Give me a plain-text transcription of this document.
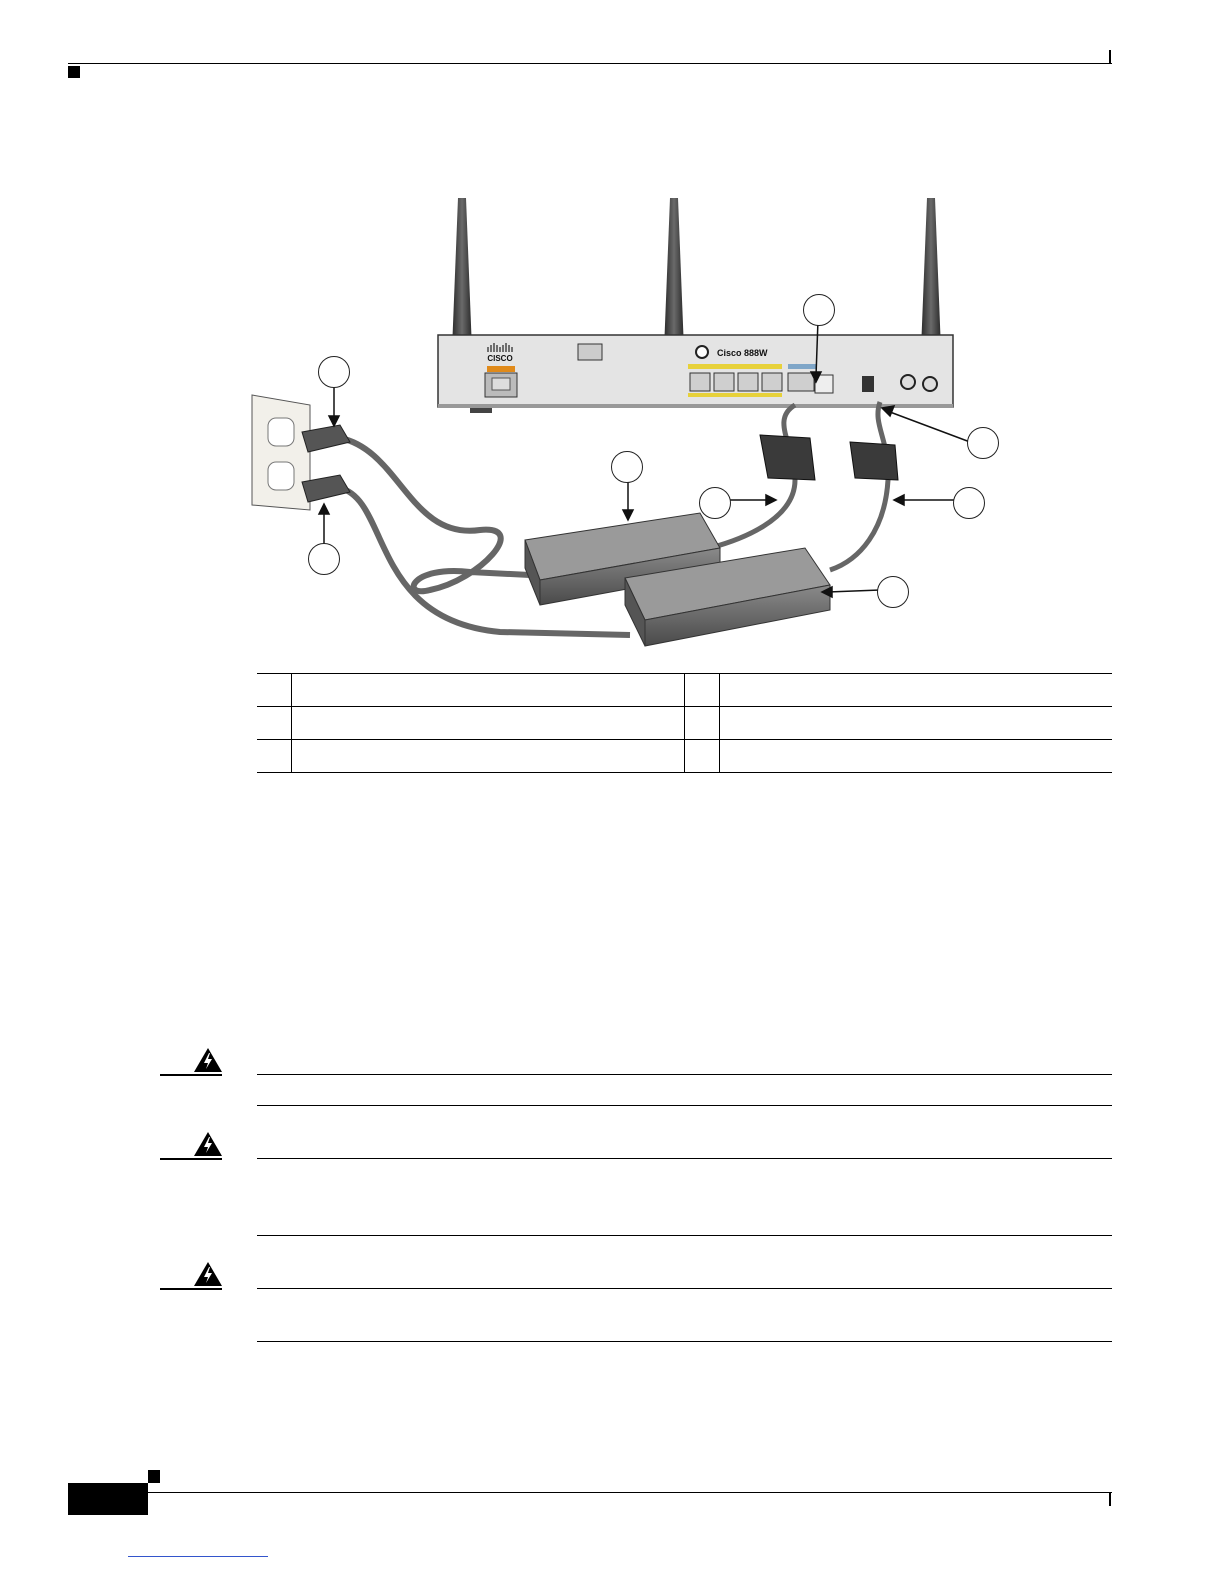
CISCO
Cisco 888W
